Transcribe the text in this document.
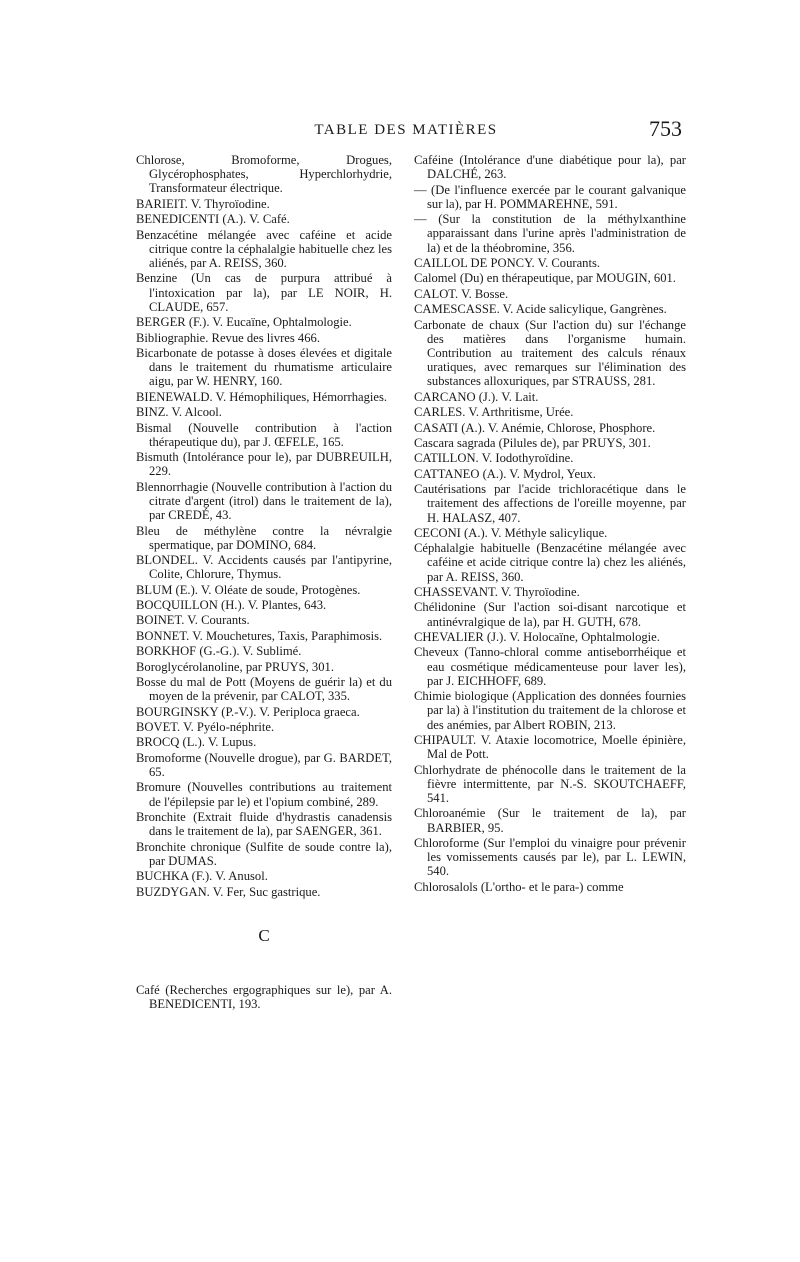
TABLE DES MATIÈRES	753

Chlorose, Bromoforme, Drogues, Glycérophosphates, Hyperchlorhydrie, Transformateur électrique.

BARIEIT. V. Thyroïodine.

BENEDICENTI (A.). V. Café.

Benzacétine mélangée avec caféine et acide citrique contre la céphalalgie habituelle chez les aliénés, par A. REISS, 360.

Benzine (Un cas de purpura attribué à l'intoxication par la), par LE NOIR, H. CLAUDE, 657.

BERGER (F.). V. Eucaïne, Ophtalmologie.

Bibliographie. Revue des livres 466.

Bicarbonate de potasse à doses élevées et digitale dans le traitement du rhumatisme articulaire aigu, par W. HENRY, 160.

BIENEWALD. V. Hémophiliques, Hémorrhagies.

BINZ. V. Alcool.

Bismal (Nouvelle contribution à l'action thérapeutique du), par J. ŒFELE, 165.

Bismuth (Intolérance pour le), par DUBREUILH, 229.

Blennorrhagie (Nouvelle contribution à l'action du citrate d'argent (itrol) dans le traitement de la), par CREDÉ, 43.

Bleu de méthylène contre la névralgie spermatique, par DOMINO, 684.

BLONDEL. V. Accidents causés par l'antipyrine, Colite, Chlorure, Thymus.

BLUM (E.). V. Oléate de soude, Protogènes.

BOCQUILLON (H.). V. Plantes, 643.

BOINET. V. Courants.

BONNET. V. Mouchetures, Taxis, Paraphimosis.

BORKHOF (G.-G.). V. Sublimé.

Boroglycérolanoline, par PRUYS, 301.

Bosse du mal de Pott (Moyens de guérir la) et du moyen de la prévenir, par CALOT, 335.

BOURGINSKY (P.-V.). V. Periploca graeca.

BOVET. V. Pyélo-néphrite.

BROCQ (L.). V. Lupus.

Bromoforme (Nouvelle drogue), par G. BARDET, 65.

Bromure (Nouvelles contributions au traitement de l'épilepsie par le) et l'opium combiné, 289.

Bronchite (Extrait fluide d'hydrastis canadensis dans le traitement de la), par SAENGER, 361.

Bronchite chronique (Sulfite de soude contre la), par DUMAS.

BUCHKA (F.). V. Anusol.

BUZDYGAN. V. Fer, Suc gastrique.

C

Café (Recherches ergographiques sur le), par A. BENEDICENTI, 193.

Caféine (Intolérance d'une diabétique pour la), par DALCHÉ, 263.

— (De l'influence exercée par le courant galvanique sur la), par H. POMMAREHNE, 591.

— (Sur la constitution de la méthylxanthine apparaissant dans l'urine après l'administration de la) et de la théobromine, 356.

CAILLOL DE PONCY. V. Courants.

Calomel (Du) en thérapeutique, par MOUGIN, 601.

CALOT. V. Bosse.

CAMESCASSE. V. Acide salicylique, Gangrènes.

Carbonate de chaux (Sur l'action du) sur l'échange des matières dans l'organisme humain. Contribution au traitement des calculs rénaux uratiques, avec remarques sur l'élimination des substances alloxuriques, par STRAUSS, 281.

CARCANO (J.). V. Lait.

CARLES. V. Arthritisme, Urée.

CASATI (A.). V. Anémie, Chlorose, Phosphore.

Cascara sagrada (Pilules de), par PRUYS, 301.

CATILLON. V. Iodothyroïdine.

CATTANEO (A.). V. Mydrol, Yeux.

Cautérisations par l'acide trichloracétique dans le traitement des affections de l'oreille moyenne, par H. HALASZ, 407.

CECONI (A.). V. Méthyle salicylique.

Céphalalgie habituelle (Benzacétine mélangée avec caféine et acide citrique contre la) chez les aliénés, par A. REISS, 360.

CHASSEVANT. V. Thyroïodine.

Chélidonine (Sur l'action soi-disant narcotique et antinévralgique de la), par H. GUTH, 678.

CHEVALIER (J.). V. Holocaïne, Ophtalmologie.

Cheveux (Tanno-chloral comme antiseborrhéique et eau cosmétique médicamenteuse pour laver les), par J. EICHHOFF, 689.

Chimie biologique (Application des données fournies par la) à l'institution du traitement de la chlorose et des anémies, par Albert ROBIN, 213.

CHIPAULT. V. Ataxie locomotrice, Moelle épinière, Mal de Pott.

Chlorhydrate de phénocolle dans le traitement de la fièvre intermittente, par N.-S. SKOUTCHAEFF, 541.

Chloroanémie (Sur le traitement de la), par BARBIER, 95.

Chloroforme (Sur l'emploi du vinaigre pour prévenir les vomissements causés par le), par L. LEWIN, 540.

Chlorosalols (L'ortho- et le para-) comme
